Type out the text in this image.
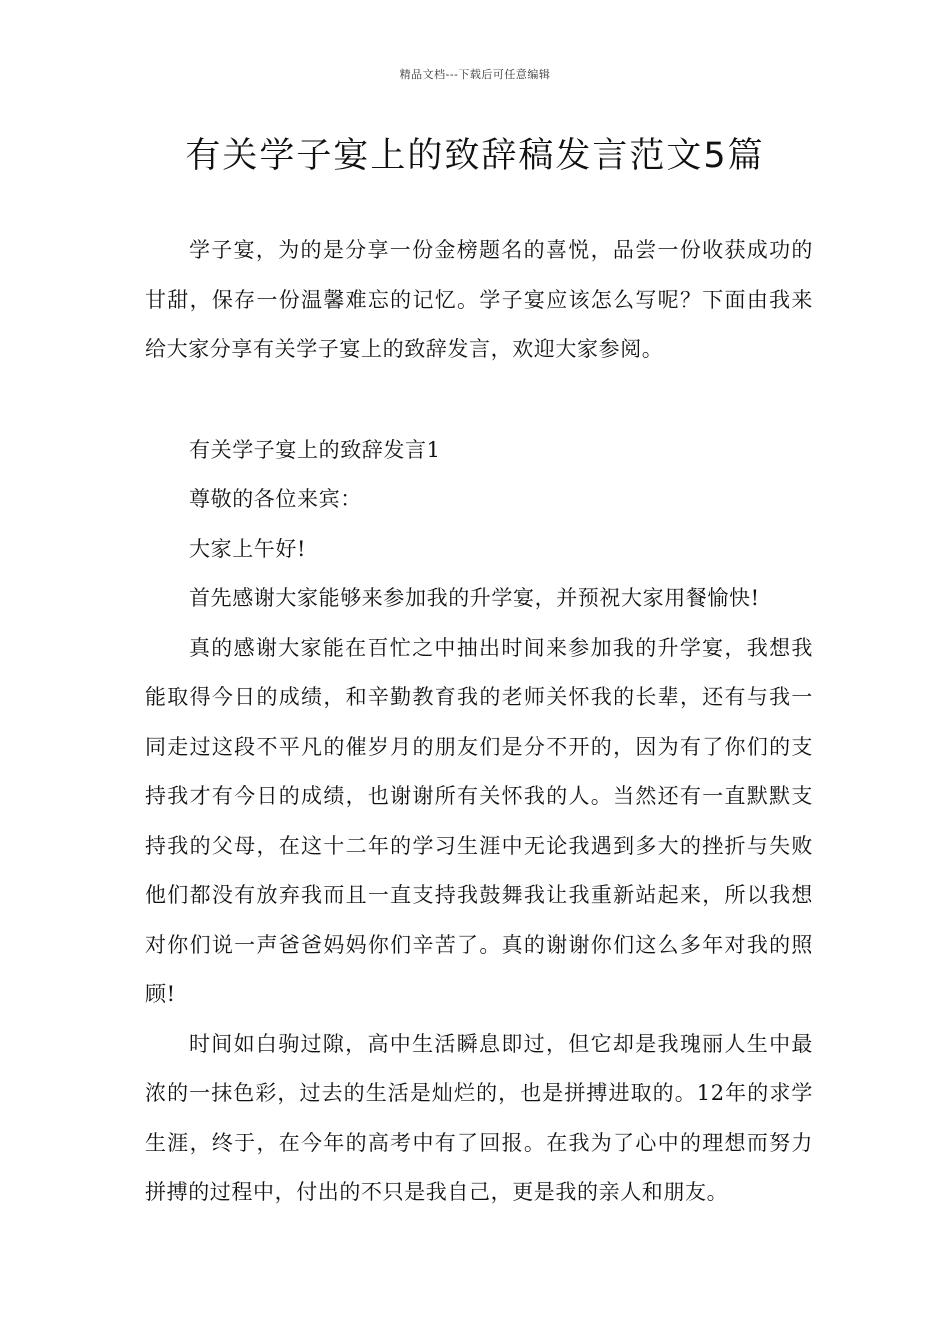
精品文档---下载后可任意编辑
有关学子宴上的致辞稿发言范文5篇

学子宴，为的是分享一份金榜题名的喜悦，品尝一份收获成功的甘甜，保存一份温馨难忘的记忆。学子宴应该怎么写呢？下面由我来给大家分享有关学子宴上的致辞发言，欢迎大家参阅。

有关学子宴上的致辞发言1

尊敬的各位来宾：

大家上午好!

首先感谢大家能够来参加我的升学宴，并预祝大家用餐愉快!

真的感谢大家能在百忙之中抽出时间来参加我的升学宴，我想我能取得今日的成绩，和辛勤教育我的老师关怀我的长辈，还有与我一同走过这段不平凡的催岁月的朋友们是分不开的，因为有了你们的支持我才有今日的成绩，也谢谢所有关怀我的人。当然还有一直默默支持我的父母，在这十二年的学习生涯中无论我遇到多大的挫折与失败他们都没有放弃我而且一直支持我鼓舞我让我重新站起来，所以我想对你们说一声爸爸妈妈你们辛苦了。真的谢谢你们这么多年对我的照顾!

时间如白驹过隙，高中生活瞬息即过，但它却是我瑰丽人生中最浓的一抹色彩，过去的生活是灿烂的，也是拼搏进取的。12年的求学生涯，终于，在今年的高考中有了回报。在我为了心中的理想而努力拼搏的过程中，付出的不只是我自己，更是我的亲人和朋友。
